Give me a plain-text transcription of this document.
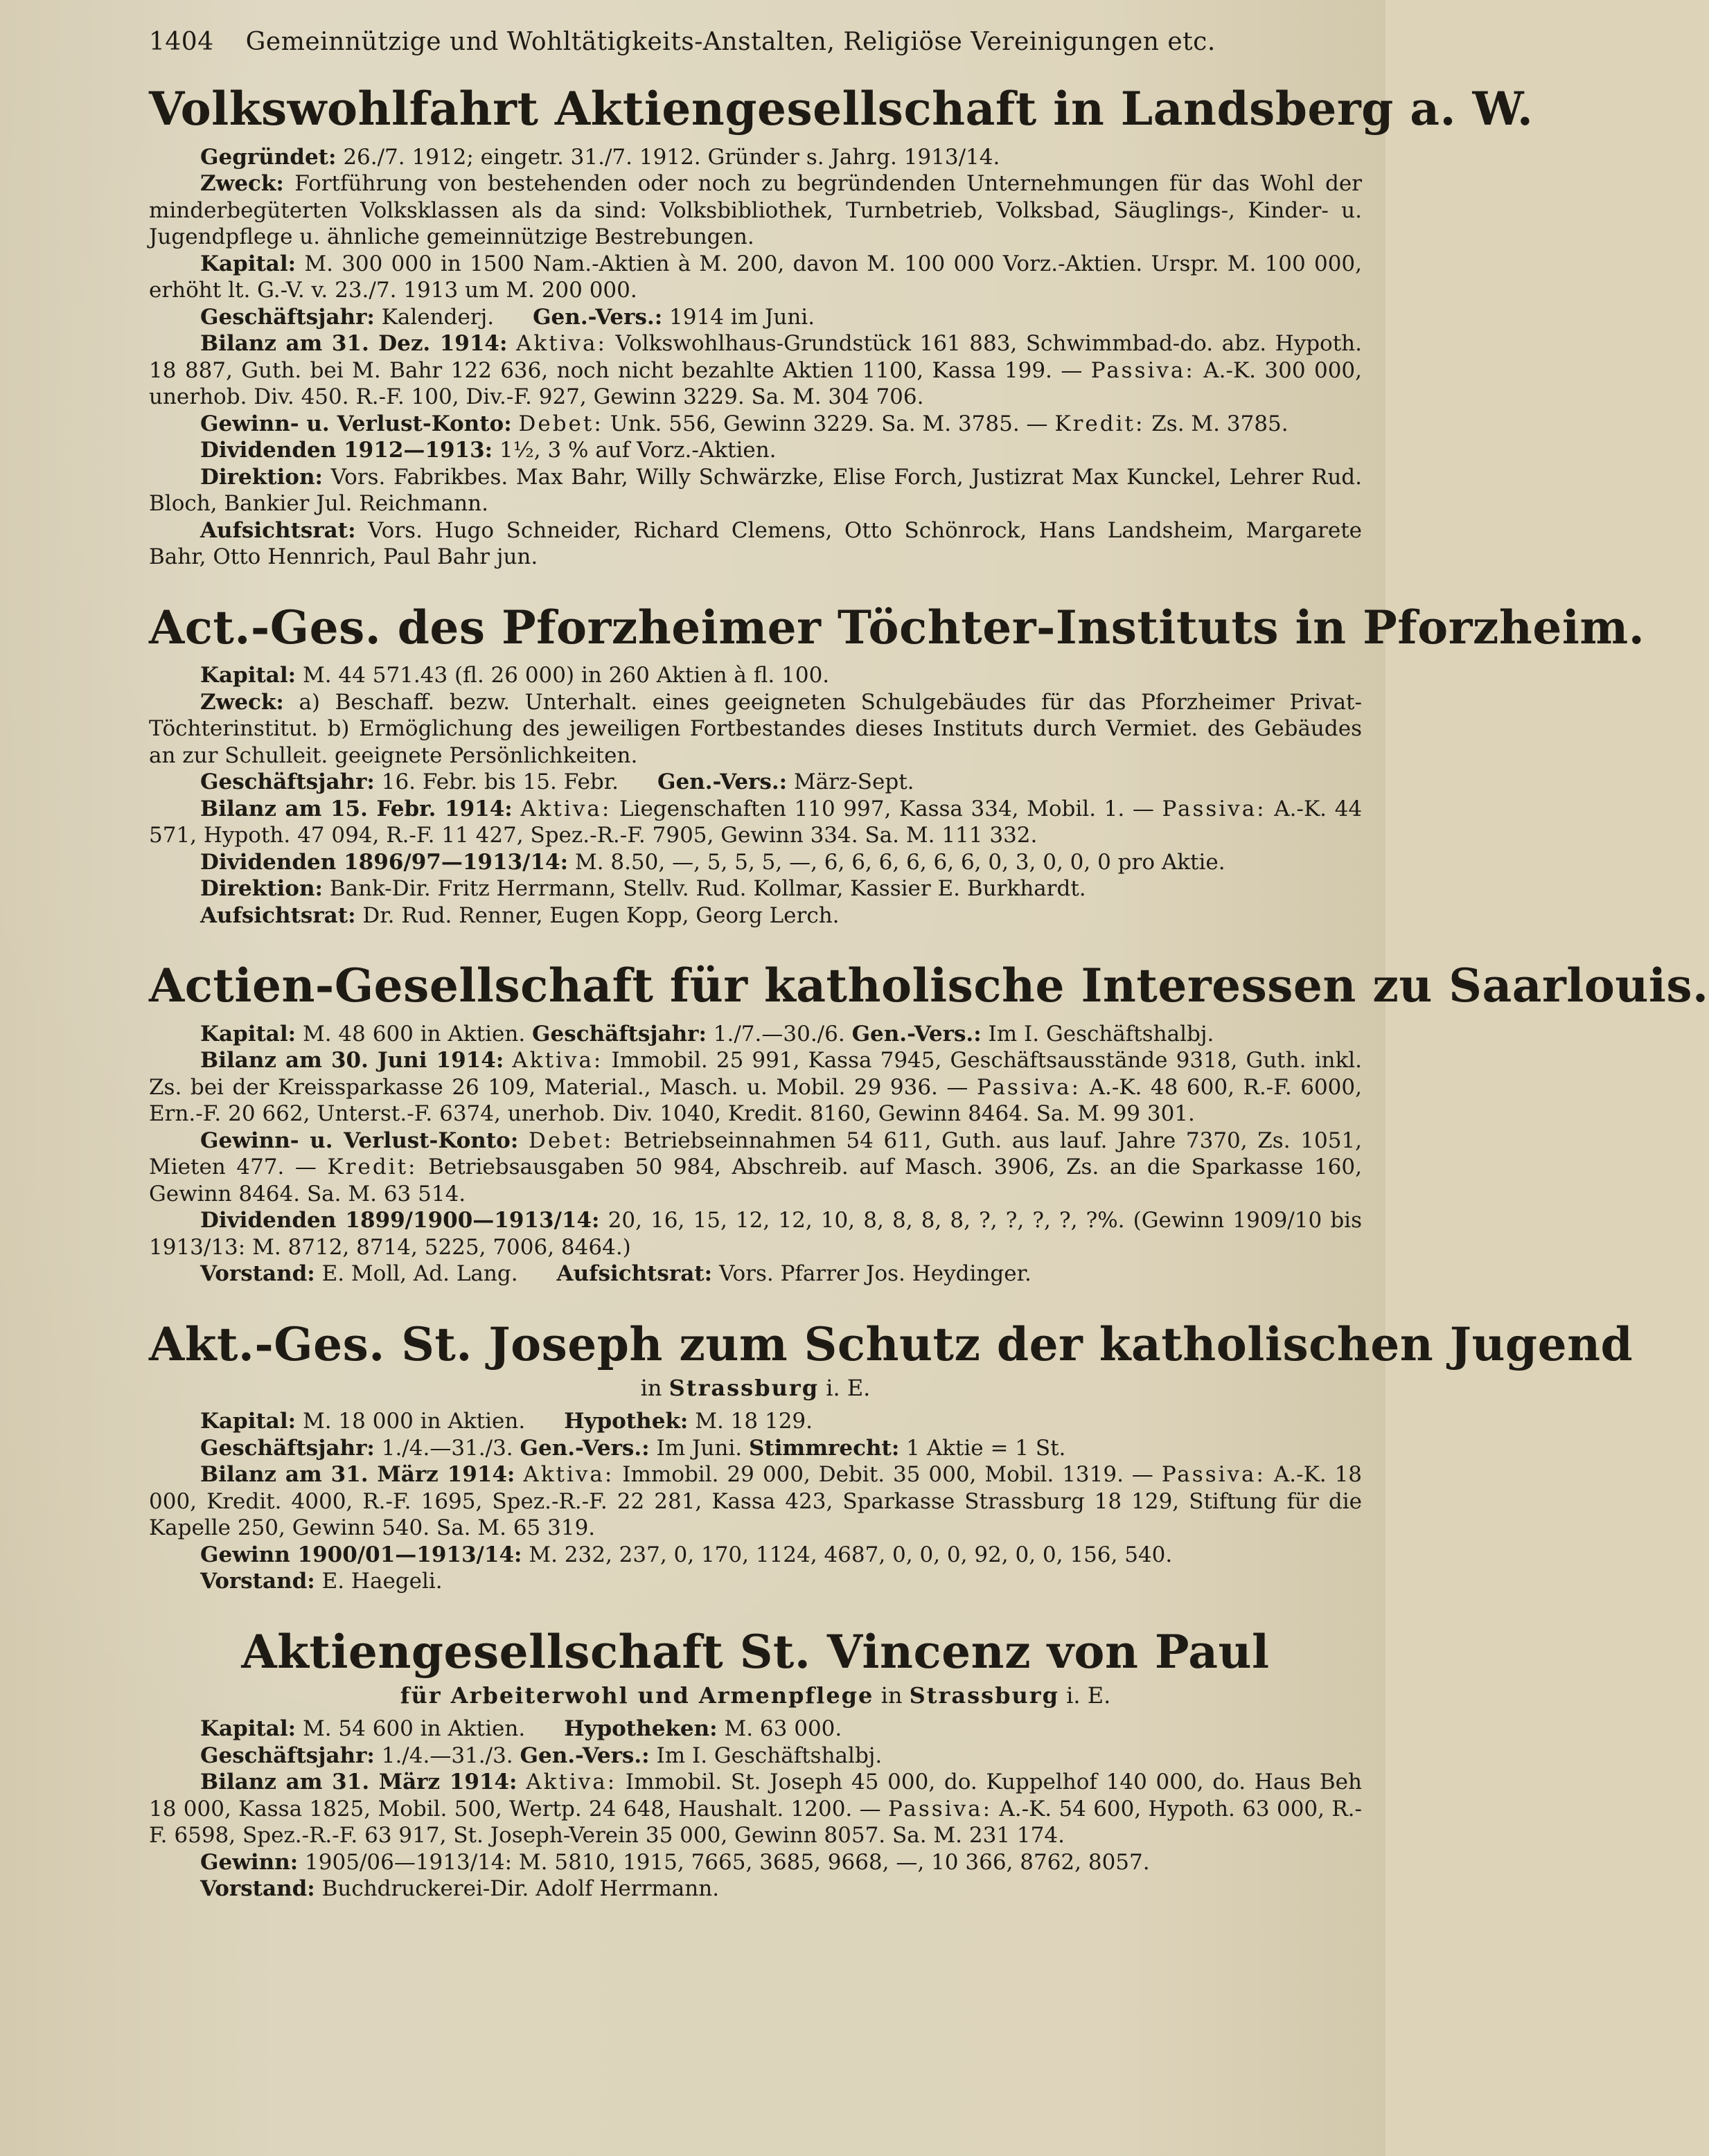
1404 Gemeinnützige und Wohltätigkeits-Anstalten, Religiöse Vereinigungen etc.
Volkswohlfahrt Aktiengesellschaft in Landsberg a. W.

Gegründet: 26./7. 1912; eingetr. 31./7. 1912. Gründer s. Jahrg. 1913/14.

Zweck: Fortführung von bestehenden oder noch zu begründenden Unternehmungen für das Wohl der minderbegüterten Volksklassen als da sind: Volksbibliothek, Turnbetrieb, Volksbad, Säuglings-, Kinder- u. Jugendpflege u. ähnliche gemeinnützige Bestrebungen.

Kapital: M. 300 000 in 1500 Nam.-Aktien à M. 200, davon M. 100 000 Vorz.-Aktien. Urspr. M. 100 000, erhöht lt. G.-V. v. 23./7. 1913 um M. 200 000.

Geschäftsjahr: Kalenderj. Gen.-Vers.: 1914 im Juni.

Bilanz am 31. Dez. 1914: Aktiva: Volkswohlhaus-Grundstück 161 883, Schwimmbad-do. abz. Hypoth. 18 887, Guth. bei M. Bahr 122 636, noch nicht bezahlte Aktien 1100, Kassa 199. — Passiva: A.-K. 300 000, unerhob. Div. 450. R.-F. 100, Div.-F. 927, Gewinn 3229. Sa. M. 304 706.

Gewinn- u. Verlust-Konto: Debet: Unk. 556, Gewinn 3229. Sa. M. 3785. — Kredit: Zs. M. 3785.

Dividenden 1912—1913: 1½, 3 % auf Vorz.-Aktien.

Direktion: Vors. Fabrikbes. Max Bahr, Willy Schwärzke, Elise Forch, Justizrat Max Kunckel, Lehrer Rud. Bloch, Bankier Jul. Reichmann.

Aufsichtsrat: Vors. Hugo Schneider, Richard Clemens, Otto Schönrock, Hans Landsheim, Margarete Bahr, Otto Hennrich, Paul Bahr jun.

Act.-Ges. des Pforzheimer Töchter-Instituts in Pforzheim.

Kapital: M. 44 571.43 (fl. 26 000) in 260 Aktien à fl. 100.

Zweck: a) Beschaff. bezw. Unterhalt. eines geeigneten Schulgebäudes für das Pforzheimer Privat-Töchterinstitut. b) Ermöglichung des jeweiligen Fortbestandes dieses Instituts durch Vermiet. des Gebäudes an zur Schulleit. geeignete Persönlichkeiten.

Geschäftsjahr: 16. Febr. bis 15. Febr. Gen.-Vers.: März-Sept.

Bilanz am 15. Febr. 1914: Aktiva: Liegenschaften 110 997, Kassa 334, Mobil. 1. — Passiva: A.-K. 44 571, Hypoth. 47 094, R.-F. 11 427, Spez.-R.-F. 7905, Gewinn 334. Sa. M. 111 332.

Dividenden 1896/97—1913/14: M. 8.50, —, 5, 5, 5, —, 6, 6, 6, 6, 6, 6, 0, 3, 0, 0, 0 pro Aktie.

Direktion: Bank-Dir. Fritz Herrmann, Stellv. Rud. Kollmar, Kassier E. Burkhardt.

Aufsichtsrat: Dr. Rud. Renner, Eugen Kopp, Georg Lerch.

Actien-Gesellschaft für katholische Interessen zu Saarlouis.

Kapital: M. 48 600 in Aktien. Geschäftsjahr: 1./7.—30./6. Gen.-Vers.: Im I. Geschäftshalbj.

Bilanz am 30. Juni 1914: Aktiva: Immobil. 25 991, Kassa 7945, Geschäftsausstände 9318, Guth. inkl. Zs. bei der Kreissparkasse 26 109, Material., Masch. u. Mobil. 29 936. — Passiva: A.-K. 48 600, R.-F. 6000, Ern.-F. 20 662, Unterst.-F. 6374, unerhob. Div. 1040, Kredit. 8160, Gewinn 8464. Sa. M. 99 301.

Gewinn- u. Verlust-Konto: Debet: Betriebseinnahmen 54 611, Guth. aus lauf. Jahre 7370, Zs. 1051, Mieten 477. — Kredit: Betriebsausgaben 50 984, Abschreib. auf Masch. 3906, Zs. an die Sparkasse 160, Gewinn 8464. Sa. M. 63 514.

Dividenden 1899/1900—1913/14: 20, 16, 15, 12, 12, 10, 8, 8, 8, 8, ?, ?, ?, ?, ?%. (Gewinn 1909/10 bis 1913/13: M. 8712, 8714, 5225, 7006, 8464.)

Vorstand: E. Moll, Ad. Lang. Aufsichtsrat: Vors. Pfarrer Jos. Heydinger.

Akt.-Ges. St. Joseph zum Schutz der katholischen Jugend
in Strassburg i. E.

Kapital: M. 18 000 in Aktien. Hypothek: M. 18 129.

Geschäftsjahr: 1./4.—31./3. Gen.-Vers.: Im Juni. Stimmrecht: 1 Aktie = 1 St.

Bilanz am 31. März 1914: Aktiva: Immobil. 29 000, Debit. 35 000, Mobil. 1319. — Passiva: A.-K. 18 000, Kredit. 4000, R.-F. 1695, Spez.-R.-F. 22 281, Kassa 423, Sparkasse Strassburg 18 129, Stiftung für die Kapelle 250, Gewinn 540. Sa. M. 65 319.

Gewinn 1900/01—1913/14: M. 232, 237, 0, 170, 1124, 4687, 0, 0, 0, 92, 0, 0, 156, 540.

Vorstand: E. Haegeli.

Aktiengesellschaft St. Vincenz von Paul
für Arbeiterwohl und Armenpflege in Strassburg i. E.

Kapital: M. 54 600 in Aktien. Hypotheken: M. 63 000.

Geschäftsjahr: 1./4.—31./3. Gen.-Vers.: Im I. Geschäftshalbj.

Bilanz am 31. März 1914: Aktiva: Immobil. St. Joseph 45 000, do. Kuppelhof 140 000, do. Haus Beh 18 000, Kassa 1825, Mobil. 500, Wertp. 24 648, Haushalt. 1200. — Passiva: A.-K. 54 600, Hypoth. 63 000, R.-F. 6598, Spez.-R.-F. 63 917, St. Joseph-Verein 35 000, Gewinn 8057. Sa. M. 231 174.

Gewinn: 1905/06—1913/14: M. 5810, 1915, 7665, 3685, 9668, —, 10 366, 8762, 8057.

Vorstand: Buchdruckerei-Dir. Adolf Herrmann.
